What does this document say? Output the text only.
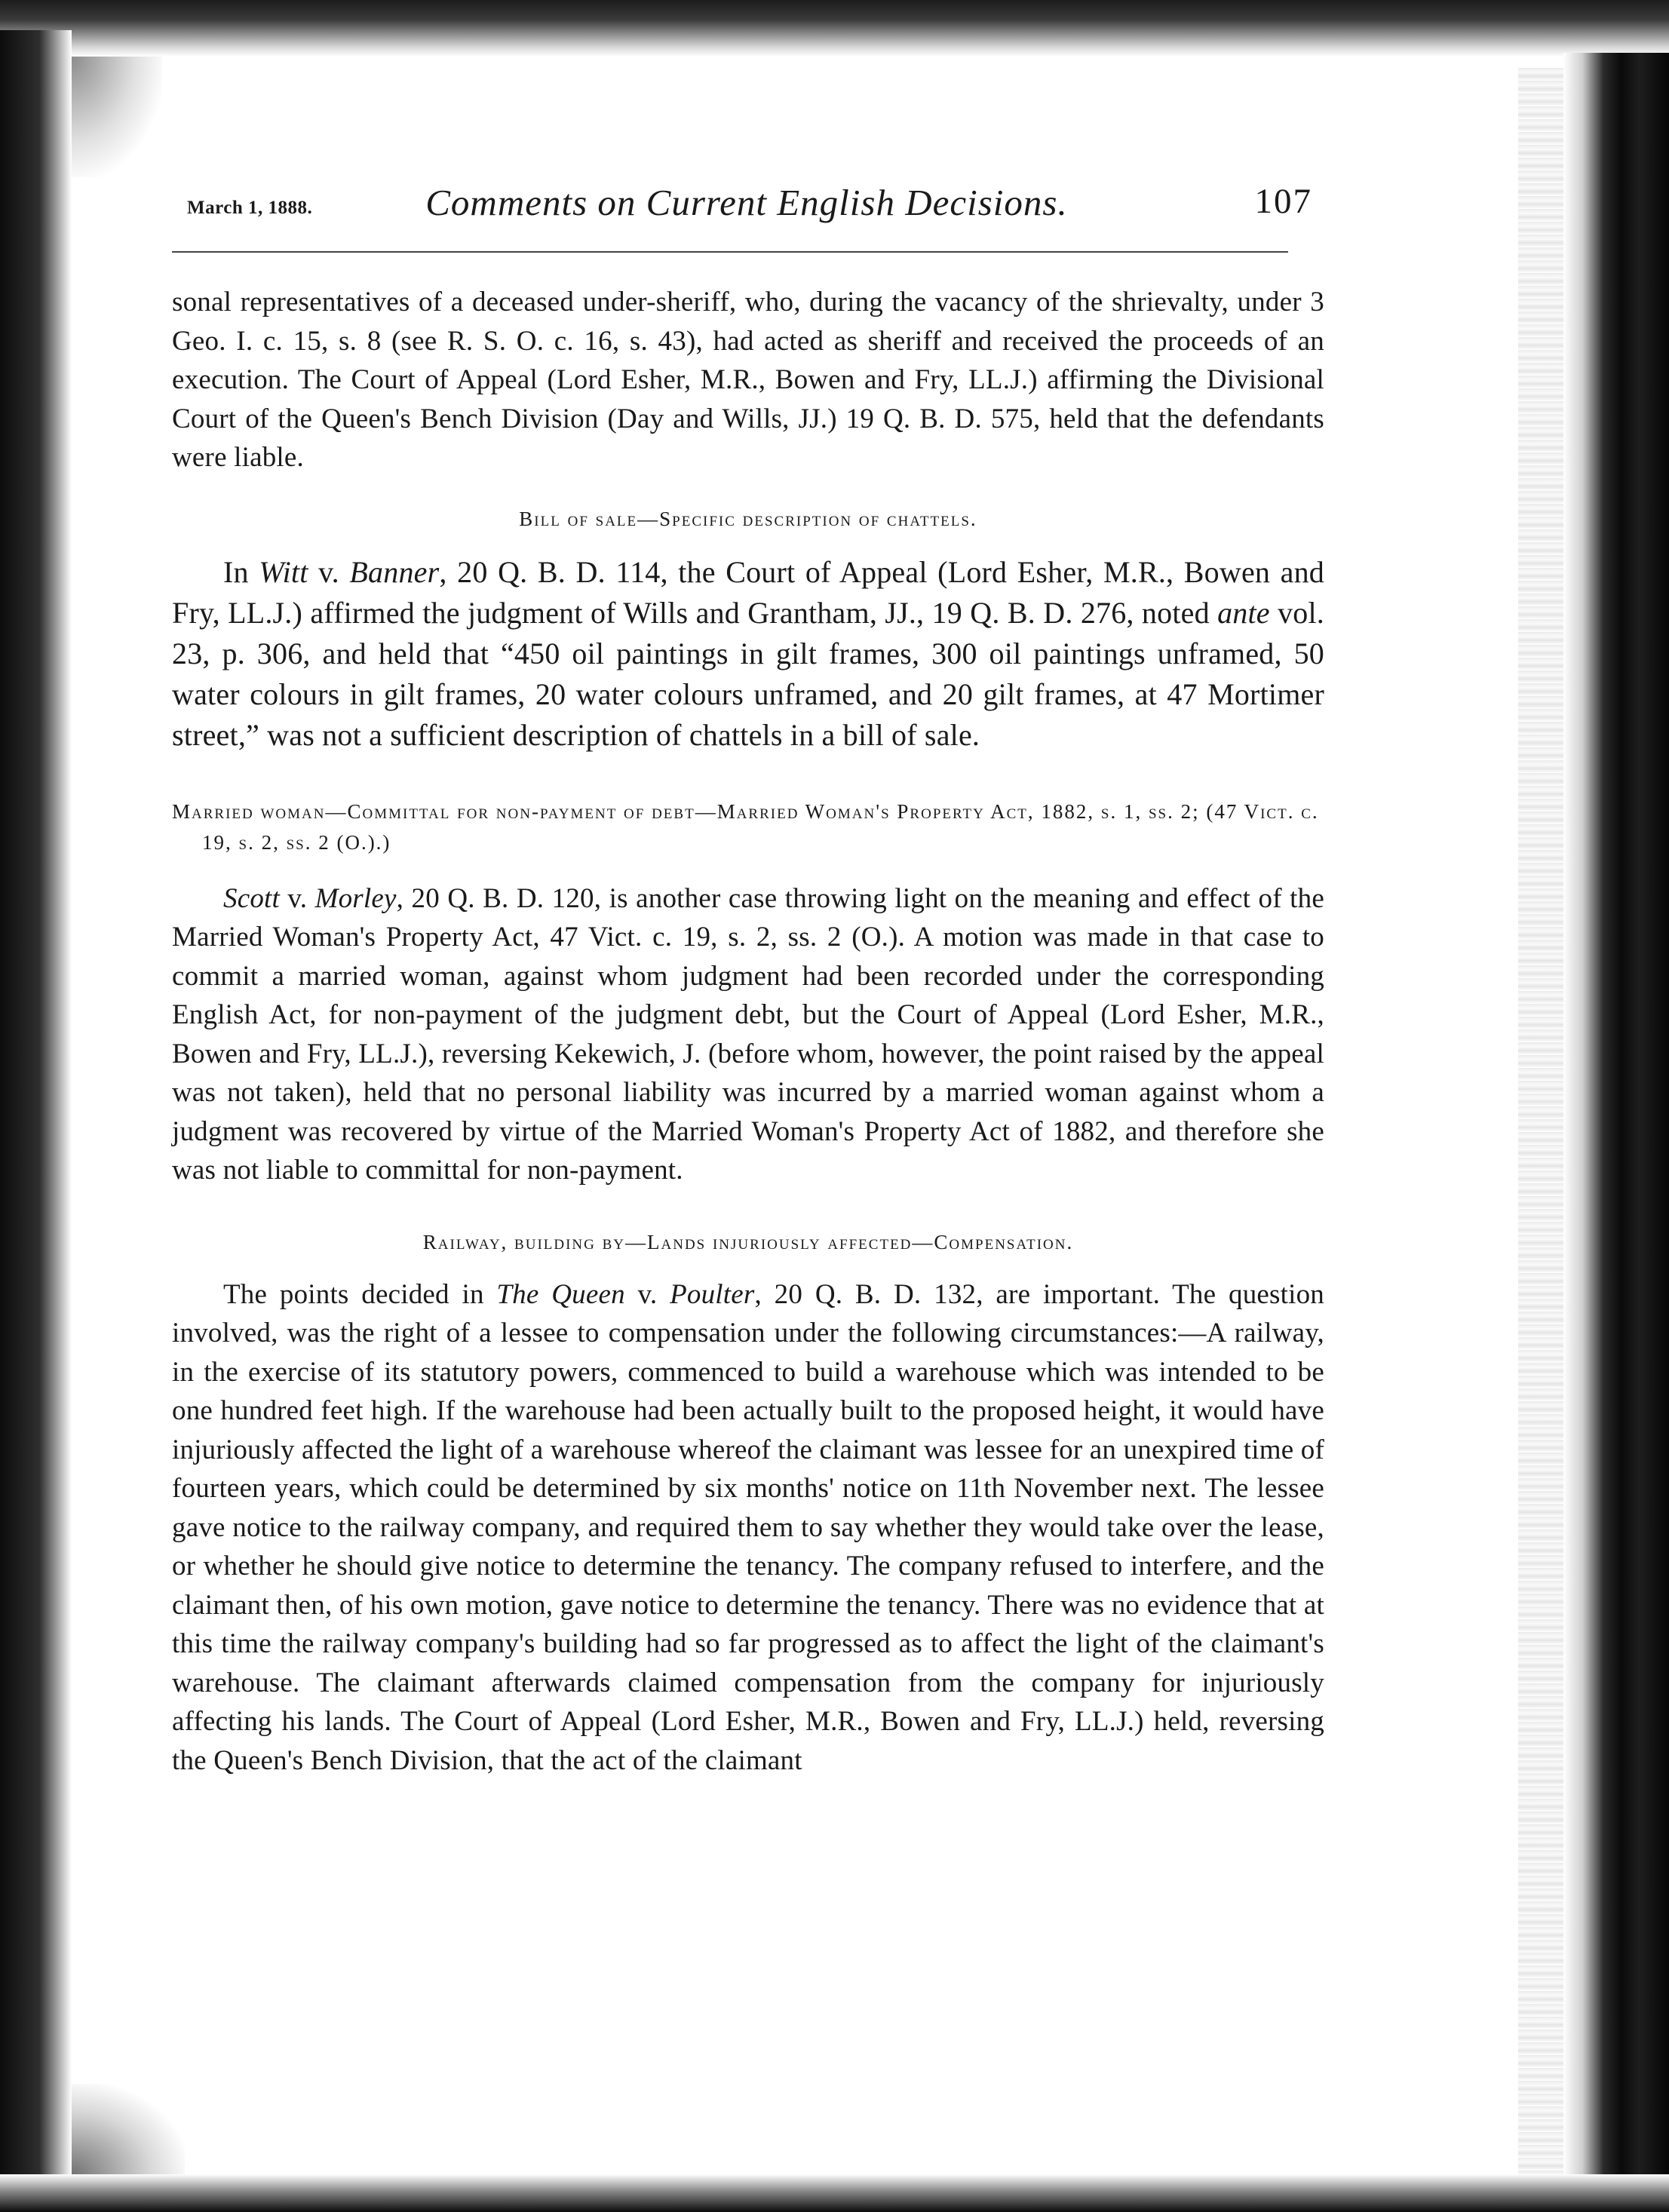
March 1, 1888.	Comments on Current English Decisions.	107

sonal representatives of a deceased under-sheriff, who, during the vacancy of the shrievalty, under 3 Geo. I. c. 15, s. 8 (see R. S. O. c. 16, s. 43), had acted as sheriff and received the proceeds of an execution. The Court of Appeal (Lord Esher, M.R., Bowen and Fry, LL.J.) affirming the Divisional Court of the Queen's Bench Division (Day and Wills, JJ.) 19 Q. B. D. 575, held that the defendants were liable.

Bill of sale—Specific description of chattels.

In Witt v. Banner, 20 Q. B. D. 114, the Court of Appeal (Lord Esher, M.R., Bowen and Fry, LL.J.) affirmed the judgment of Wills and Grantham, JJ., 19 Q. B. D. 276, noted ante vol. 23, p. 306, and held that “450 oil paintings in gilt frames, 300 oil paintings unframed, 50 water colours in gilt frames, 20 water colours unframed, and 20 gilt frames, at 47 Mortimer street,” was not a sufficient description of chattels in a bill of sale.

Married woman—Committal for non-payment of debt—Married Woman's Property Act, 1882, s. 1, ss. 2; (47 Vict. c. 19, s. 2, ss. 2 (O.).)

Scott v. Morley, 20 Q. B. D. 120, is another case throwing light on the meaning and effect of the Married Woman's Property Act, 47 Vict. c. 19, s. 2, ss. 2 (O.). A motion was made in that case to commit a married woman, against whom judgment had been recorded under the corresponding English Act, for non-payment of the judgment debt, but the Court of Appeal (Lord Esher, M.R., Bowen and Fry, LL.J.), reversing Kekewich, J. (before whom, however, the point raised by the appeal was not taken), held that no personal liability was incurred by a married woman against whom a judgment was recovered by virtue of the Married Woman's Property Act of 1882, and therefore she was not liable to committal for non-payment.

Railway, building by—Lands injuriously affected—Compensation.

The points decided in The Queen v. Poulter, 20 Q. B. D. 132, are important. The question involved, was the right of a lessee to compensation under the following circumstances:—A railway, in the exercise of its statutory powers, commenced to build a warehouse which was intended to be one hundred feet high. If the warehouse had been actually built to the proposed height, it would have injuriously affected the light of a warehouse whereof the claimant was lessee for an unexpired time of fourteen years, which could be determined by six months' notice on 11th November next. The lessee gave notice to the railway company, and required them to say whether they would take over the lease, or whether he should give notice to determine the tenancy. The company refused to interfere, and the claimant then, of his own motion, gave notice to determine the tenancy. There was no evidence that at this time the railway company's building had so far progressed as to affect the light of the claimant's warehouse. The claimant afterwards claimed compensation from the company for injuriously affecting his lands. The Court of Appeal (Lord Esher, M.R., Bowen and Fry, LL.J.) held, reversing the Queen's Bench Division, that the act of the claimant
